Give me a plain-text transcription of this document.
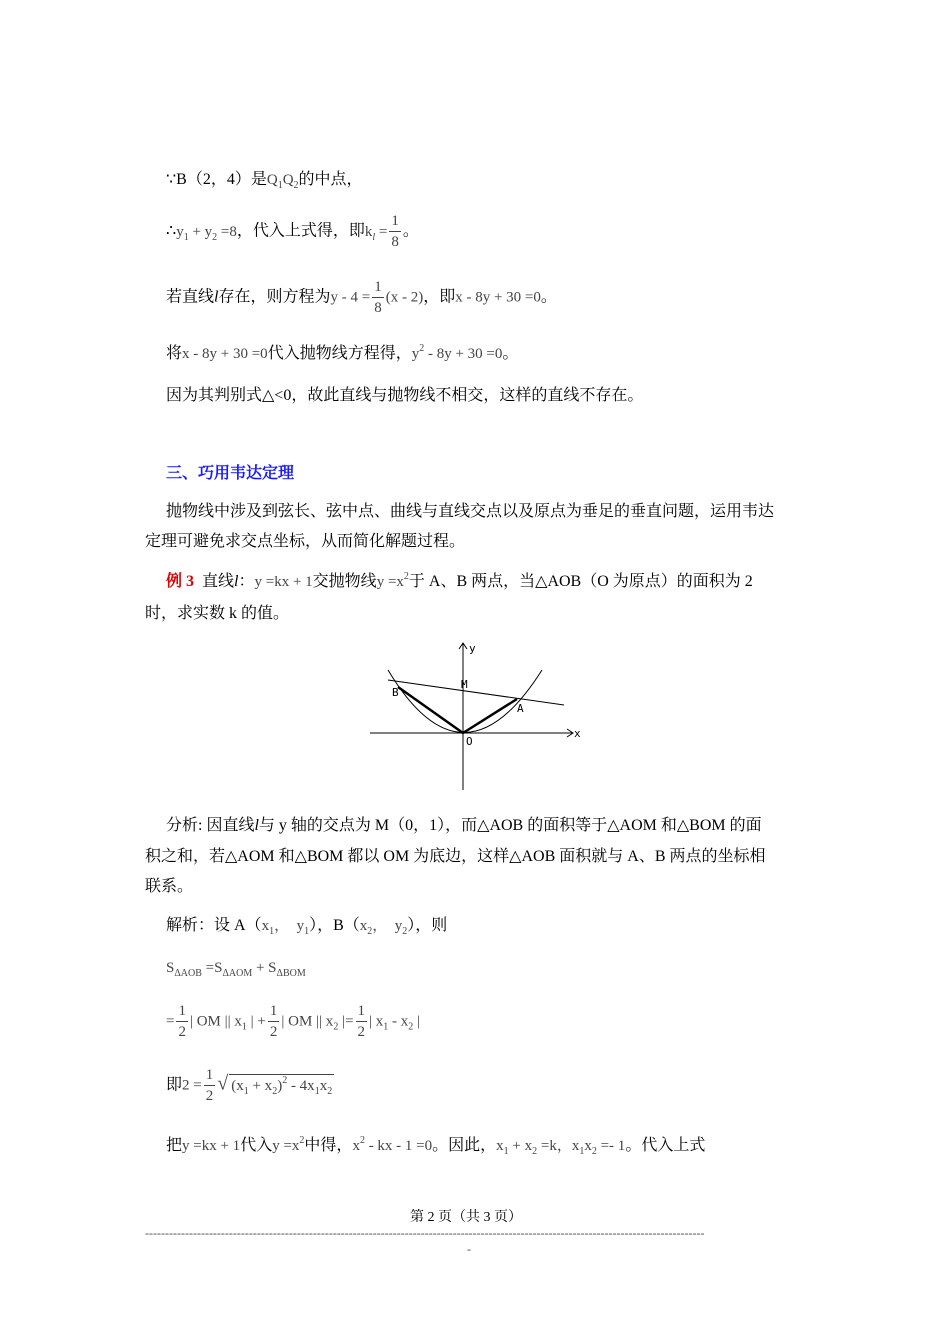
∵B（2，4）是$Q_1Q_2$的中点，
$\therefore y_1 + y_2 =8$，代入上式得，即$k_l = \frac{1}{8}$ 。
若直线l存在，则方程为$y - 4 = \frac{1}{8} (x - 2)$，即x - 8y + 30 =0。
将x - 8y + 30 =0代入抛物线方程得，$y^2 - 8y + 30 =0$。
因为其判别式△<0，故此直线与抛物线不相交，这样的直线不存在。
三、巧用韦达定理
抛物线中涉及到弦长、弦中点、曲线与直线交点以及原点为垂足的垂直问题，运用韦达
定理可避免求交点坐标，从而简化解题过程。
例 3 直线l：y =kx + 1交抛物线$y =x^2$于 A、B 两点，当△AOB（O 为原点）的面积为 2
时，求实数 k 的值。
y
x
M
B
A
O
分析: 因直线l与 y 轴的交点为 M（0，1），而△AOB 的面积等于△AOM 和△BOM 的面
积之和，若△AOM 和△BOM 都以 OM 为底边，这样△AOB 面积就与 A、B 两点的坐标相
联系。
解析：设 $A(x_1$， $y_1$），$B(x_2$， $y_2$），则
$S_{\Delta AOB} =S_{\Delta AOM} + S_{\Delta BOM}$
= $\frac{1}{2}$ | OM || $x_1$ | + $\frac{1}{2}$ | OM || $x_2$ |= $\frac{1}{2}$ | $x_1 - x_2$ |
即$2 = \frac{1}{2}$ √ $(x_1 + x_2)^2 - 4x_1x_2$
把y =kx + 1代入$y =x^2$中得，$x^2$ - kx - 1 =0。因此，$x_1 + x_2 =k$，$x_1x_2 =- 1$。代入上式
第 2 页（共 3 页）
--------------------------------------------------------------------------------------------------------------------------------------------
-
